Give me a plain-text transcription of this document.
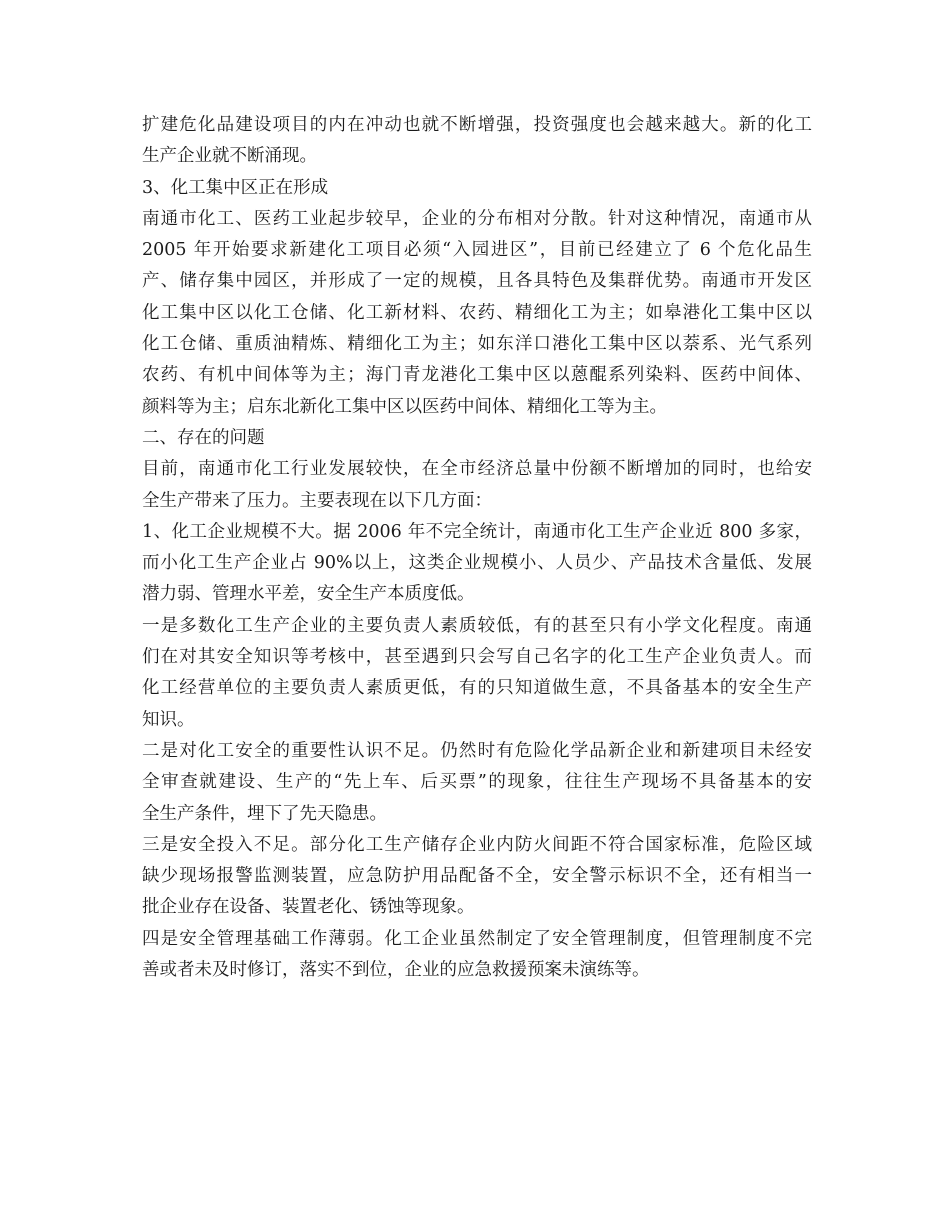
扩建危化品建设项目的内在冲动也就不断增强，投资强度也会越来越大。新的化工
生产企业就不断涌现。
3、化工集中区正在形成
南通市化工、医药工业起步较早，企业的分布相对分散。针对这种情况，南通市从
2005 年开始要求新建化工项目必须“入园进区”，目前已经建立了 6 个危化品生
产、储存集中园区，并形成了一定的规模，且各具特色及集群优势。南通市开发区
化工集中区以化工仓储、化工新材料、农药、精细化工为主；如皋港化工集中区以
化工仓储、重质油精炼、精细化工为主；如东洋口港化工集中区以萘系、光气系列
农药、有机中间体等为主；海门青龙港化工集中区以蒽醌系列染料、医药中间体、
颜料等为主；启东北新化工集中区以医药中间体、精细化工等为主。
二、存在的问题
目前，南通市化工行业发展较快，在全市经济总量中份额不断增加的同时，也给安
全生产带来了压力。主要表现在以下几方面：
1、化工企业规模不大。据 2006 年不完全统计，南通市化工生产企业近 800 多家，
而小化工生产企业占 90%以上，这类企业规模小、人员少、产品技术含量低、发展
潜力弱、管理水平差，安全生产本质度低。
一是多数化工生产企业的主要负责人素质较低，有的甚至只有小学文化程度。南通
们在对其安全知识等考核中，甚至遇到只会写自己名字的化工生产企业负责人。而
化工经营单位的主要负责人素质更低，有的只知道做生意，不具备基本的安全生产
知识。
二是对化工安全的重要性认识不足。仍然时有危险化学品新企业和新建项目未经安
全审查就建设、生产的“先上车、后买票”的现象，往往生产现场不具备基本的安
全生产条件，埋下了先天隐患。
三是安全投入不足。部分化工生产储存企业内防火间距不符合国家标准，危险区域
缺少现场报警监测装置，应急防护用品配备不全，安全警示标识不全，还有相当一
批企业存在设备、装置老化、锈蚀等现象。
四是安全管理基础工作薄弱。化工企业虽然制定了安全管理制度，但管理制度不完
善或者未及时修订，落实不到位，企业的应急救援预案未演练等。
